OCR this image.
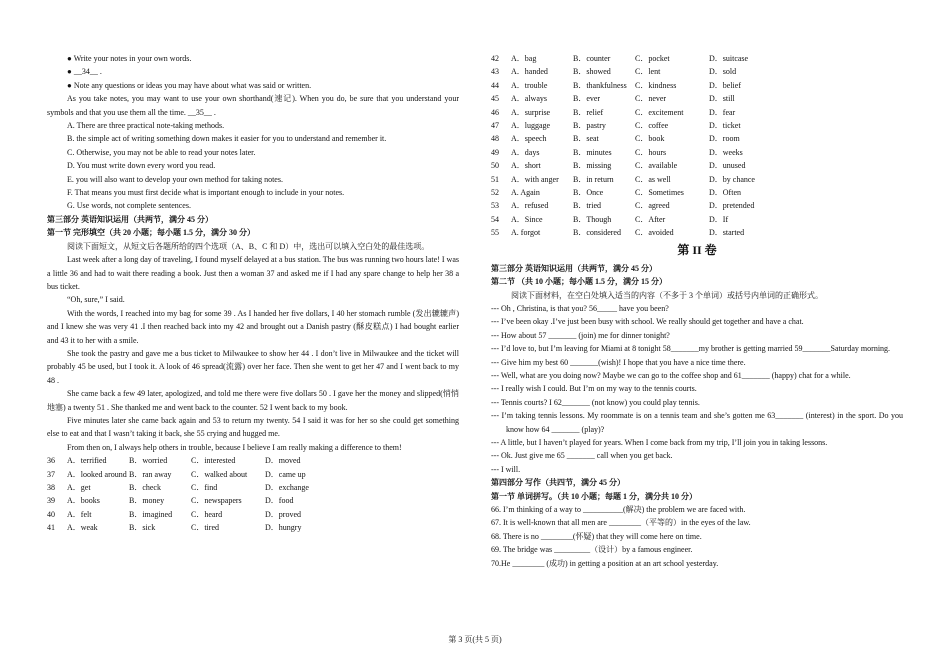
● Write your notes in your own words.

● __34__ .

● Note any questions or ideas you may have about what was said or written.

As you take notes, you may want to use your own shorthand(速记). When you do, be sure that you understand your symbols and that you use them all the time. __35__ .

A. There are three practical note-taking methods.

B. the simple act of writing something down makes it easier for you to understand and remember it.

C. Otherwise, you may not be able to read your notes later.

D. You must write down every word you read.

E. you will also want to develop your own method for taking notes.

F. That means you must first decide what is important enough to include in your notes.

G. Use words, not complete sentences.

第三部分 英语知识运用（共两节，满分 45 分）

第一节 完形填空（共 20 小题；每小题 1.5 分，满分 30 分）

阅读下面短文，从短文后各题所给的四个选项（A、B、C 和 D）中，选出可以填入空白处的最佳选项。

Last week after a long day of traveling, I found myself delayed at a bus station. The bus was running two hours late! I was a little 36 and had to wait there reading a book. Just then a woman 37 and asked me if I had any spare change to help her 38 a bus ticket.

“Oh, sure,” I said.

With the words, I reached into my bag for some 39 . As I handed her five dollars, I 40 her stomach rumble (发出辘辘声) and I knew she was very 41 .I then reached back into my 42 and brought out a Danish pastry (酥皮糕点) I had bought earlier and 43 it to her with a smile.

She took the pastry and gave me a bus ticket to Milwaukee to show her 44 . I don’t live in Milwaukee and the ticket will probably 45 be used, but I took it. A look of 46 spread(流露) over her face. Then she went to get her 47 and I went back to my 48 .

She came back a few 49 later, apologized, and told me there were five dollars 50 . I gave her the money and slipped(悄悄地塞) a twenty 51 . She thanked me and went back to the counter. 52 I went back to my book.

Five minutes later she came back again and 53 to return my twenty. 54 I said it was for her so she could get something else to eat and that I wasn’t taking it back, she 55 crying and hugged me.

From then on, I always help others in trouble, because I believe I am really making a difference to them!

36	A．terrified	B．worried	C．interested	D．moved
37	A．looked around B．ran away	C．walked about	D．came up
38	A．get	B．check	C．find	D．exchange
39	A．books	B．money	C．newspapers	D．food
40	A．felt	B．imagined	C．heard	D．proved
41	A．weak	B．sick	C．tired	D．hungry
42	A．bag	B．counter	C．pocket	D．suitcase
43	A．handed	B．showed	C．lent	D．sold
44	A．trouble	B．thankfulness	C．kindness	D．belief
45	A．always	B．ever	C．never	D．still
46	A．surprise	B．relief	C．excitement	D．fear
47	A．luggage	B．pastry	C．coffee	D．ticket
48	A．speech	B．seat	C．book	D．room
49	A．days	B．minutes	C．hours	D．weeks
50	A．short	B．missing	C．available	D．unused
51	A．with anger	B．in return	C．as well	D．by chance
52	A. Again	B．Once	C．Sometimes	D．Often
53	A．refused	B．tried	C．agreed	D．pretended
54	A．Since	B．Though	C．After	D．If
55	A. forgot	B．considered	C．avoided	D．started
第 II 卷

第三部分 英语知识运用（共两节，满分 45 分）

第二节 （共 10 小题；每小题 1.5 分，满分 15 分）

阅读下面材料，在空白处填入适当的内容（不多于 3 个单词）或括号内单词的正确形式。

--- Oh , Christina, is that you? 56_____ have you been?

--- I’ve been okay .I’ve just been busy with school. We really should get together and have a chat.

--- How about 57 _______ (join) me for dinner tonight?

--- I’d love to, but I’m leaving for Miami at 8 tonight 58_______my brother is getting married 59_______Saturday morning.

--- Give him my best 60 _______(wish)! I hope that you have a nice time there.

--- Well, what are you doing now? Maybe we can go to the coffee shop and 61_______ (happy) chat for a while.

--- I really wish I could. But I’m on my way to the tennis courts.

--- Tennis courts? I 62_______ (not know) you could play tennis.

--- I’m taking tennis lessons. My roommate is on a tennis team and she’s gotten me 63_______ (interest) in the sport. Do you know how 64 _______ (play)?

--- A little, but I haven’t played for years. When I come back from my trip, I’ll join you in taking lessons.

--- Ok. Just give me 65 _______ call when you get back.

--- I will.

第四部分 写作（共四节，满分 45 分）

第一节 单词拼写。（共 10 小题；每题 1 分，满分共 10 分）

66. I’m thinking of a way to __________(解决) the problem we are faced with.

67. It is well-known that all men are ________（平等的）in the eyes of the law.

68. There is no ________(怀疑) that they will come here on time.

69. The bridge was _________（设计）by a famous engineer.

70.He ________ (成功) in getting a position at an art school yesterday.

第 3 页(共 5 页)
